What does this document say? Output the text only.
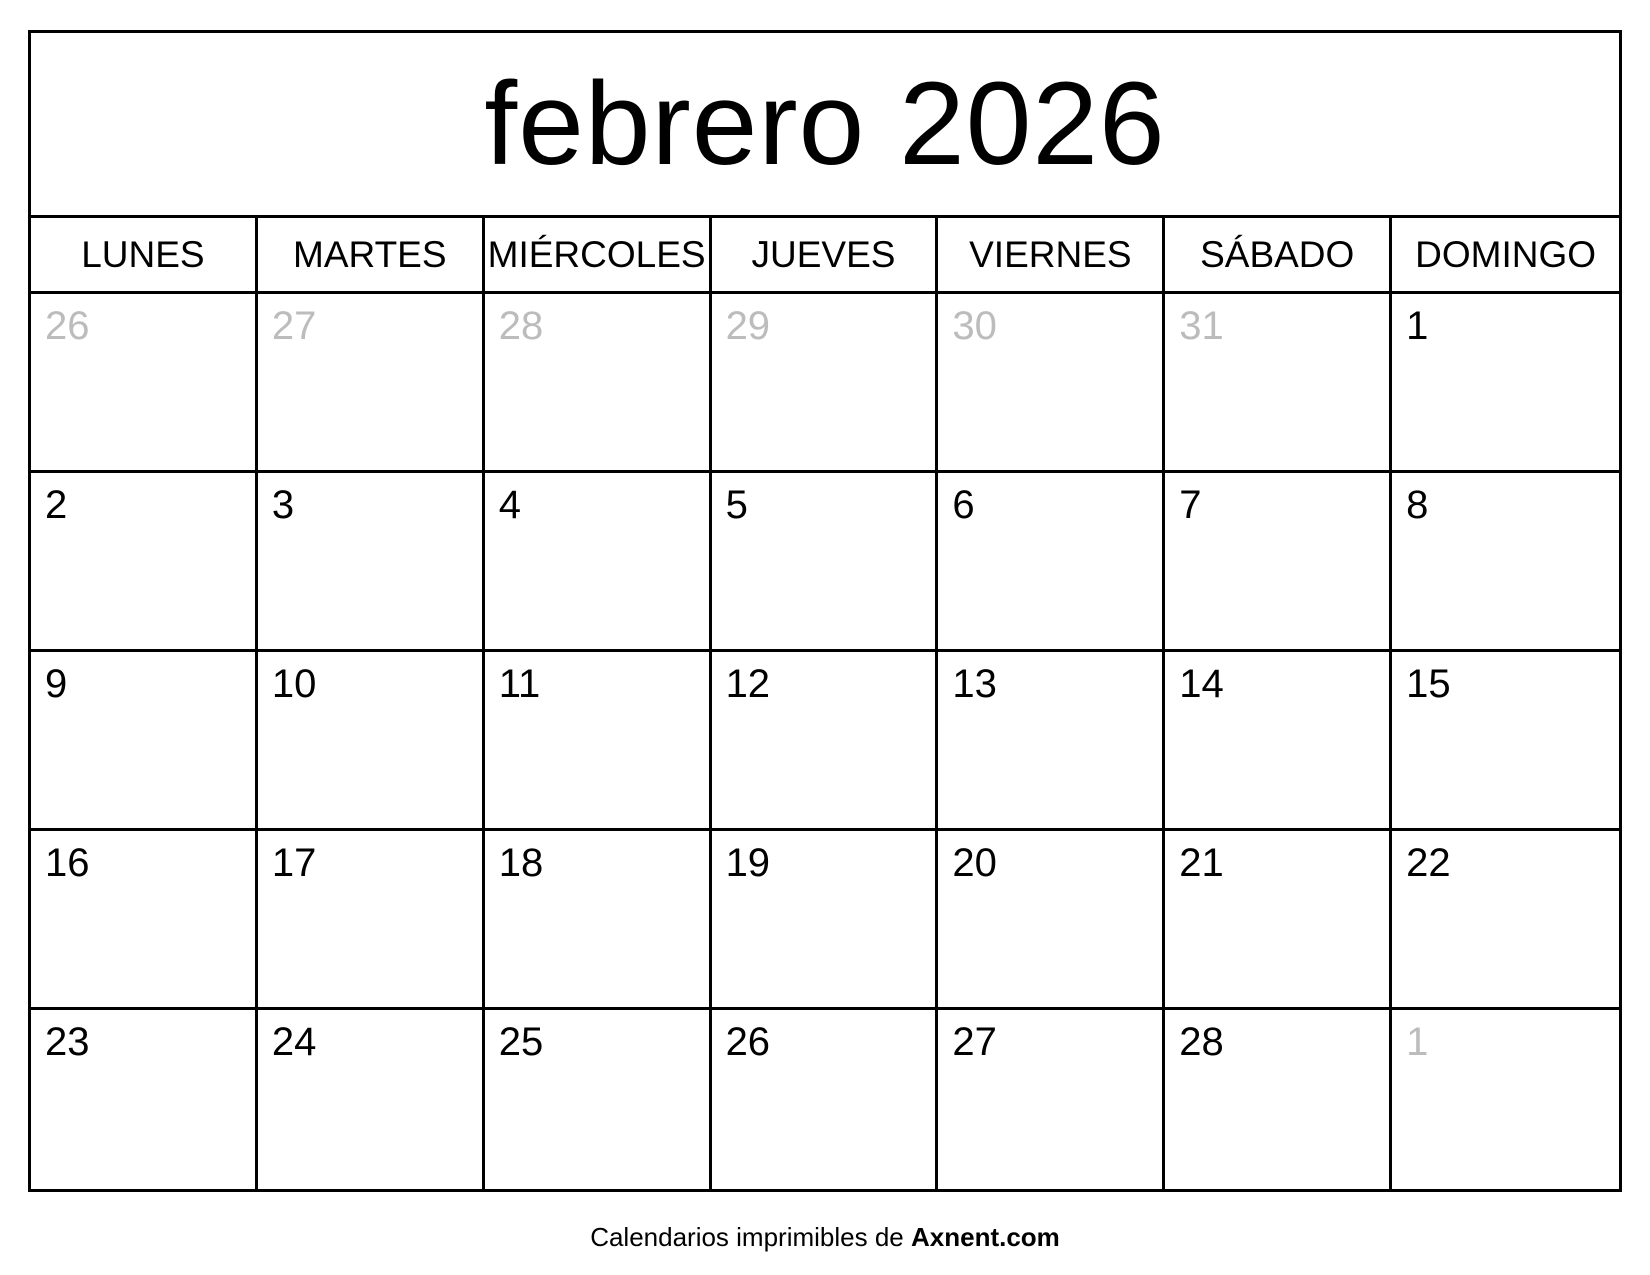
febrero 2026
LUNES MARTES MIÉRCOLES JUEVES VIERNES SÁBADO DOMINGO
26	27	28	29	30	31	1
2	3	4	5	6	7	8
9	10	11	12	13	14	15
16	17	18	19	20	21	22
23	24	25	26	27	28	1
Calendarios imprimibles de Axnent.com
